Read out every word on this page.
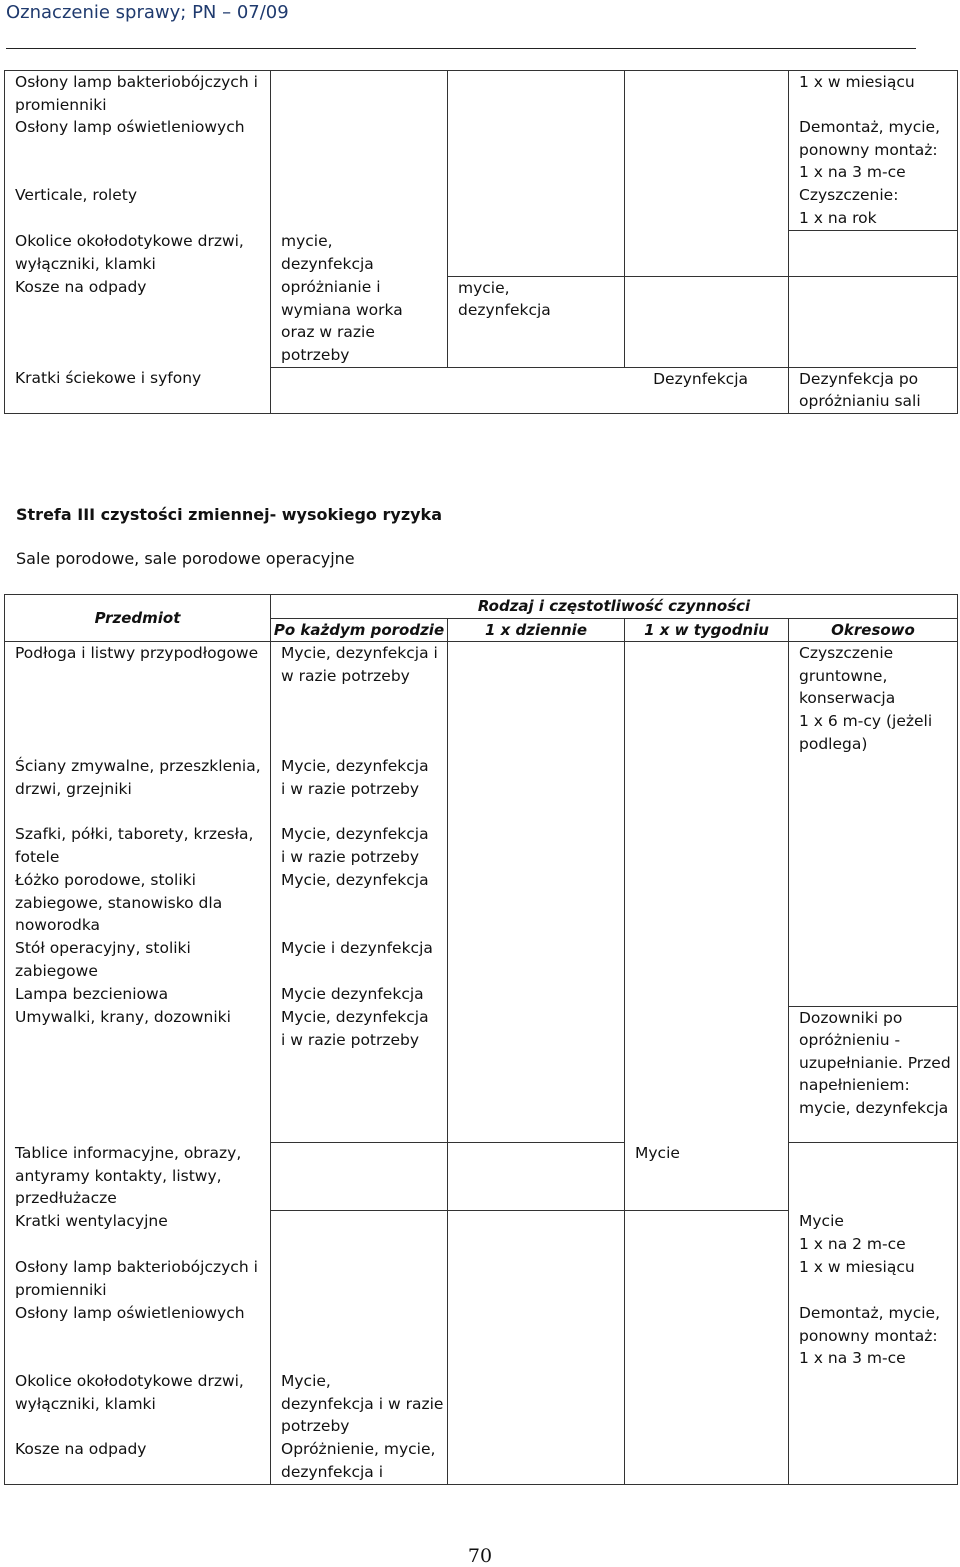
Oznaczenie sprawy; PN – 07/09
Osłony lamp bakteriobójczych i promienniki				1 x w miesiącu
Osłony lamp oświetleniowych				Demontaż, mycie, ponowny montaż:
1 x na 3 m-ce
Verticale, rolety				Czyszczenie:
1 x na rok
Okolice okołodotykowe drzwi, wyłączniki, klamki	mycie,
dezynfekcja			
Kosze na odpady	opróżnianie i wymiana worka oraz w razie potrzeby	mycie,
dezynfekcja		
Kratki ściekowe i syfony			Dezynfekcja	Dezynfekcja po opróżnianiu sali
Strefa III czystości zmiennej- wysokiego ryzyka
Sale porodowe, sale porodowe operacyjne
Przedmiot	Rodzaj i częstotliwość czynności			
	Po każdym porodzie	1 x dziennie	1 x w tygodniu	Okresowo
Podłoga i listwy przypodłogowe	Mycie, dezynfekcja i w razie potrzeby			Czyszczenie gruntowne, konserwacja
1 x 6 m-cy (jeżeli podlega)
Ściany zmywalne, przeszklenia, drzwi, grzejniki	Mycie, dezynfekcja
i w razie potrzeby			
Szafki, półki, taborety, krzesła, fotele	Mycie, dezynfekcja
i w razie potrzeby			
Łóżko porodowe, stoliki zabiegowe, stanowisko dla noworodka	Mycie, dezynfekcja			
Stół operacyjny, stoliki zabiegowe	Mycie i dezynfekcja			
Lampa bezcieniowa	Mycie dezynfekcja			
Umywalki, krany, dozowniki	Mycie, dezynfekcja
i w razie potrzeby			Dozowniki po opróżnieniu - uzupełnianie. Przed napełnieniem: mycie, dezynfekcja
Tablice informacyjne, obrazy, antyramy kontakty, listwy, przedłużacze			Mycie	
Kratki wentylacyjne				Mycie
1 x na 2 m-ce
Osłony lamp bakteriobójczych i promienniki				1 x w miesiącu
Osłony lamp oświetleniowych				Demontaż, mycie, ponowny montaż:
1 x na 3 m-ce
Okolice okołodotykowe drzwi, wyłączniki, klamki	Mycie,
dezynfekcja i w razie potrzeby			
Kosze na odpady	Opróżnienie, mycie, dezynfekcja i			
70
